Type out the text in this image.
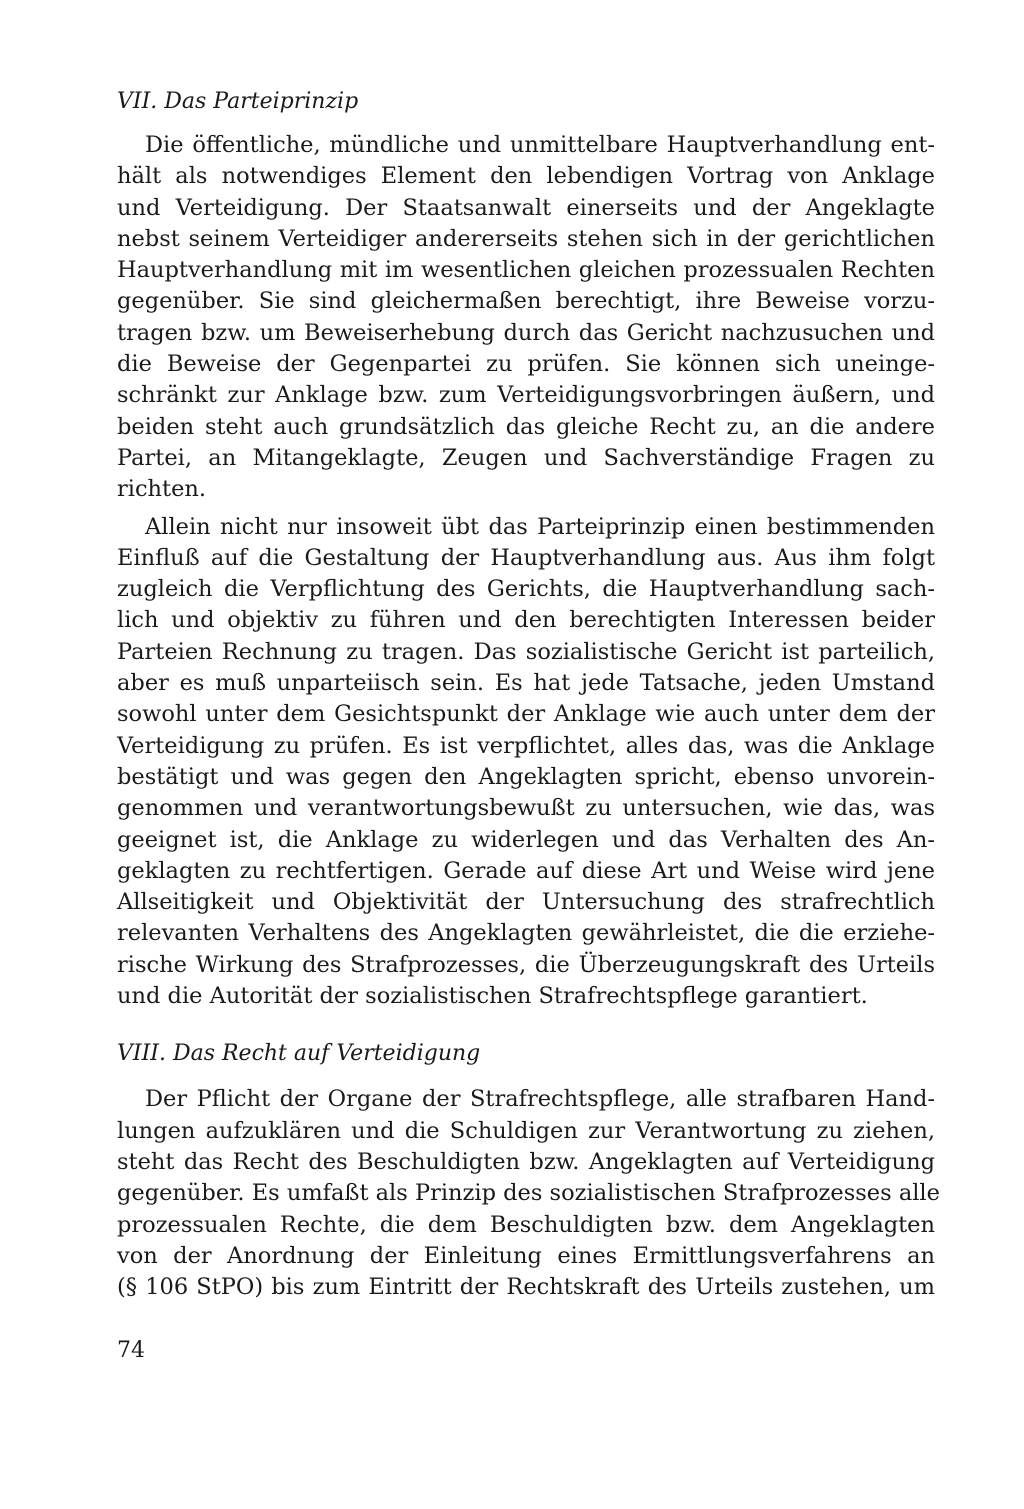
VII. Das Parteiprinzip
Die öffentliche, mündliche und unmittelbare Hauptverhandlung ent-
hält als notwendiges Element den lebendigen Vortrag von Anklage
und Verteidigung. Der Staatsanwalt einerseits und der Angeklagte
nebst seinem Verteidiger andererseits stehen sich in der gerichtlichen
Hauptverhandlung mit im wesentlichen gleichen prozessualen Rechten
gegenüber. Sie sind gleichermaßen berechtigt, ihre Beweise vorzu-
tragen bzw. um Beweiserhebung durch das Gericht nachzusuchen und
die Beweise der Gegenpartei zu prüfen. Sie können sich uneinge-
schränkt zur Anklage bzw. zum Verteidigungsvorbringen äußern, und
beiden steht auch grundsätzlich das gleiche Recht zu, an die andere
Partei, an Mitangeklagte, Zeugen und Sachverständige Fragen zu
richten.
Allein nicht nur insoweit übt das Parteiprinzip einen bestimmenden
Einfluß auf die Gestaltung der Hauptverhandlung aus. Aus ihm folgt
zugleich die Verpflichtung des Gerichts, die Hauptverhandlung sach-
lich und objektiv zu führen und den berechtigten Interessen beider
Parteien Rechnung zu tragen. Das sozialistische Gericht ist parteilich,
aber es muß unparteiisch sein. Es hat jede Tatsache, jeden Umstand
sowohl unter dem Gesichtspunkt der Anklage wie auch unter dem der
Verteidigung zu prüfen. Es ist verpflichtet, alles das, was die Anklage
bestätigt und was gegen den Angeklagten spricht, ebenso unvorein-
genommen und verantwortungsbewußt zu untersuchen, wie das, was
geeignet ist, die Anklage zu widerlegen und das Verhalten des An-
geklagten zu rechtfertigen. Gerade auf diese Art und Weise wird jene
Allseitigkeit und Objektivität der Untersuchung des strafrechtlich
relevanten Verhaltens des Angeklagten gewährleistet, die die erziehe-
rische Wirkung des Strafprozesses, die Überzeugungskraft des Urteils
und die Autorität der sozialistischen Strafrechtspflege garantiert.
VIII. Das Recht auf Verteidigung
Der Pflicht der Organe der Strafrechtspflege, alle strafbaren Hand-
lungen aufzuklären und die Schuldigen zur Verantwortung zu ziehen,
steht das Recht des Beschuldigten bzw. Angeklagten auf Verteidigung
gegenüber. Es umfaßt als Prinzip des sozialistischen Strafprozesses alle
prozessualen Rechte, die dem Beschuldigten bzw. dem Angeklagten
von der Anordnung der Einleitung eines Ermittlungsverfahrens an
(§ 106 StPO) bis zum Eintritt der Rechtskraft des Urteils zustehen, um
74
